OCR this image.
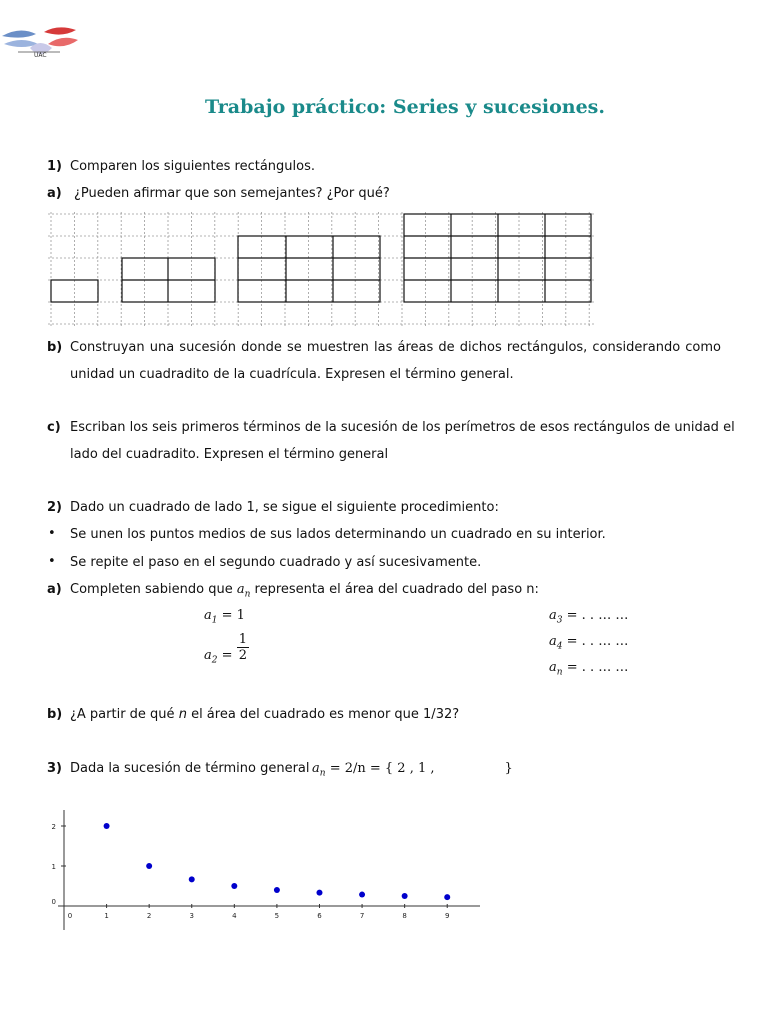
UAC
Trabajo práctico: Series y sucesiones.
1) Comparen los siguientes rectángulos.
a) ¿Pueden afirmar que son semejantes? ¿Por qué?
b) Construyan una sucesión donde se muestren las áreas de dichos rectángulos, considerando como
unidad un cuadradito de la cuadrícula. Expresen el término general.
c) Escriban los seis primeros términos de la sucesión de los perímetros de esos rectángulos de unidad el
lado del cuadradito. Expresen el término general
2) Dado un cuadrado de lado 1, se sigue el siguiente procedimiento:
• Se unen los puntos medios de sus lados determinando un cuadrado en su interior.
• Se repite el paso en el segundo cuadrado y así sucesivamente.
a) Completen sabiendo que $a_n$ representa el área del cuadrado del paso n:
$a_1 = 1$
$a_2 = \frac{1}{2}$
$a_3$ = . . … …
$a_4$ = . . … …
$a_n$ = . . … …
b) ¿A partir de qué n el área del cuadrado es menor que 1/32?
3) Dada la sucesión de término general $a_n = 2/n$ = { 2 , 1 ,	}
0	1	2	3	4	5	6	7	8	9
0
1
2
